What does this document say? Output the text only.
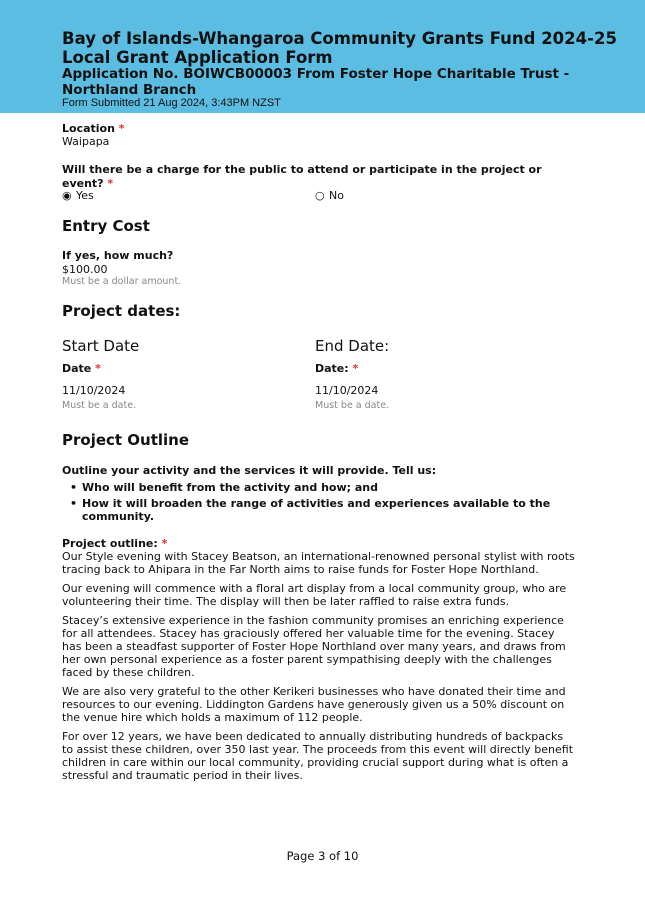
Bay of Islands-Whangaroa Community Grants Fund 2024-25 Local Grant Application Form
Application No. BOIWCB00003 From Foster Hope Charitable Trust - Northland Branch
Form Submitted 21 Aug 2024, 3:43PM NZST
Location *
Waipapa
Will there be a charge for the public to attend or participate in the project or event? *
◉ Yes	○ No
Entry Cost
If yes, how much?
$100.00
Must be a dollar amount.
Project dates:
Start Date
Date *
11/10/2024
Must be a date.
End Date:
Date: *
11/10/2024
Must be a date.
Project Outline
Outline your activity and the services it will provide. Tell us:
• Who will benefit from the activity and how; and
• How it will broaden the range of activities and experiences available to the community.
Project outline: *

Our Style evening with Stacey Beatson, an international-renowned personal stylist with roots tracing back to Ahipara in the Far North aims to raise funds for Foster Hope Northland.

Our evening will commence with a floral art display from a local community group, who are volunteering their time. The display will then be later raffled to raise extra funds.

Stacey’s extensive experience in the fashion community promises an enriching experience for all attendees. Stacey has graciously offered her valuable time for the evening. Stacey has been a steadfast supporter of Foster Hope Northland over many years, and draws from her own personal experience as a foster parent sympathising deeply with the challenges faced by these children.

We are also very grateful to the other Kerikeri businesses who have donated their time and resources to our evening. Liddington Gardens have generously given us a 50% discount on the venue hire which holds a maximum of 112 people.

For over 12 years, we have been dedicated to annually distributing hundreds of backpacks to assist these children, over 350 last year. The proceeds from this event will directly benefit children in care within our local community, providing crucial support during what is often a stressful and traumatic period in their lives.

Page 3 of 10
